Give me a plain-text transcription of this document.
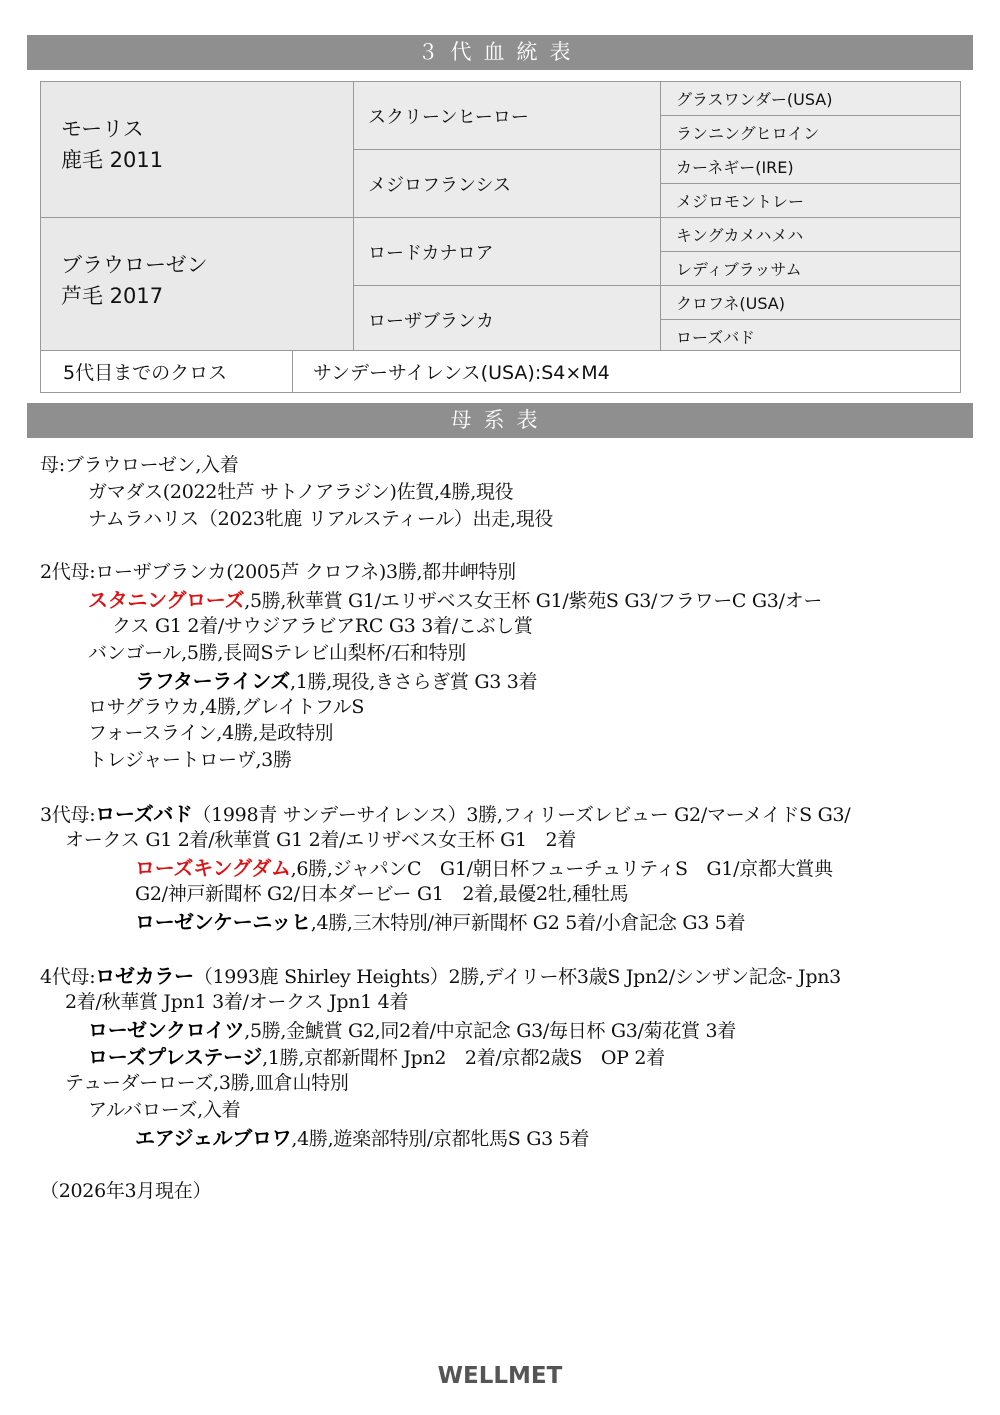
３代血統表
モーリス
鹿毛 2011	スクリーンヒーロー	グラスワンダー(USA)
		ランニングヒロイン
	メジロフランシス	カーネギー(IRE)
		メジロモントレー

ブラウローゼン
芦毛 2017	ロードカナロア	キングカメハメハ
		レディブラッサム
	ローザブランカ	クロフネ(USA)
		ローズバド
5代目までのクロス	サンデーサイレンス(USA):S4×M4
母系表
母:ブラウローゼン,入着
ガマダス(2022牡芦 サトノアラジン)佐賀,4勝,現役
ナムラハリス（2023牝鹿 リアルスティール）出走,現役
2代母:ローザブランカ(2005芦 クロフネ)3勝,都井岬特別
スタニングローズ,5勝,秋華賞 G1/エリザベス女王杯 G1/紫苑S G3/フラワーC G3/オー
クス G1 2着/サウジアラビアRC G3 3着/こぶし賞
バンゴール,5勝,長岡Sテレビ山梨杯/石和特別
ラフターラインズ,1勝,現役,きさらぎ賞 G3 3着
ロサグラウカ,4勝,グレイトフルS
フォースライン,4勝,是政特別
トレジャートローヴ,3勝
3代母:ローズバド（1998青 サンデーサイレンス）3勝,フィリーズレビュー G2/マーメイドS G3/
オークス G1 2着/秋華賞 G1 2着/エリザベス女王杯 G1　2着
ローズキングダム,6勝,ジャパンC　G1/朝日杯フューチュリティS　G1/京都大賞典
G2/神戸新聞杯 G2/日本ダービー G1　2着,最優2牡,種牡馬
ローゼンケーニッヒ,4勝,三木特別/神戸新聞杯 G2 5着/小倉記念 G3 5着
4代母:ロゼカラー（1993鹿 Shirley Heights）2勝,デイリー杯3歳S Jpn2/シンザン記念- Jpn3
2着/秋華賞 Jpn1 3着/オークス Jpn1 4着
ローゼンクロイツ,5勝,金鯱賞 G2,同2着/中京記念 G3/毎日杯 G3/菊花賞 3着
ローズプレステージ,1勝,京都新聞杯 Jpn2　2着/京都2歳S　OP 2着
テューダーローズ,3勝,皿倉山特別
アルバローズ,入着
エアジェルブロワ,4勝,遊楽部特別/京都牝馬S G3 5着
（2026年3月現在）
WELLMET
